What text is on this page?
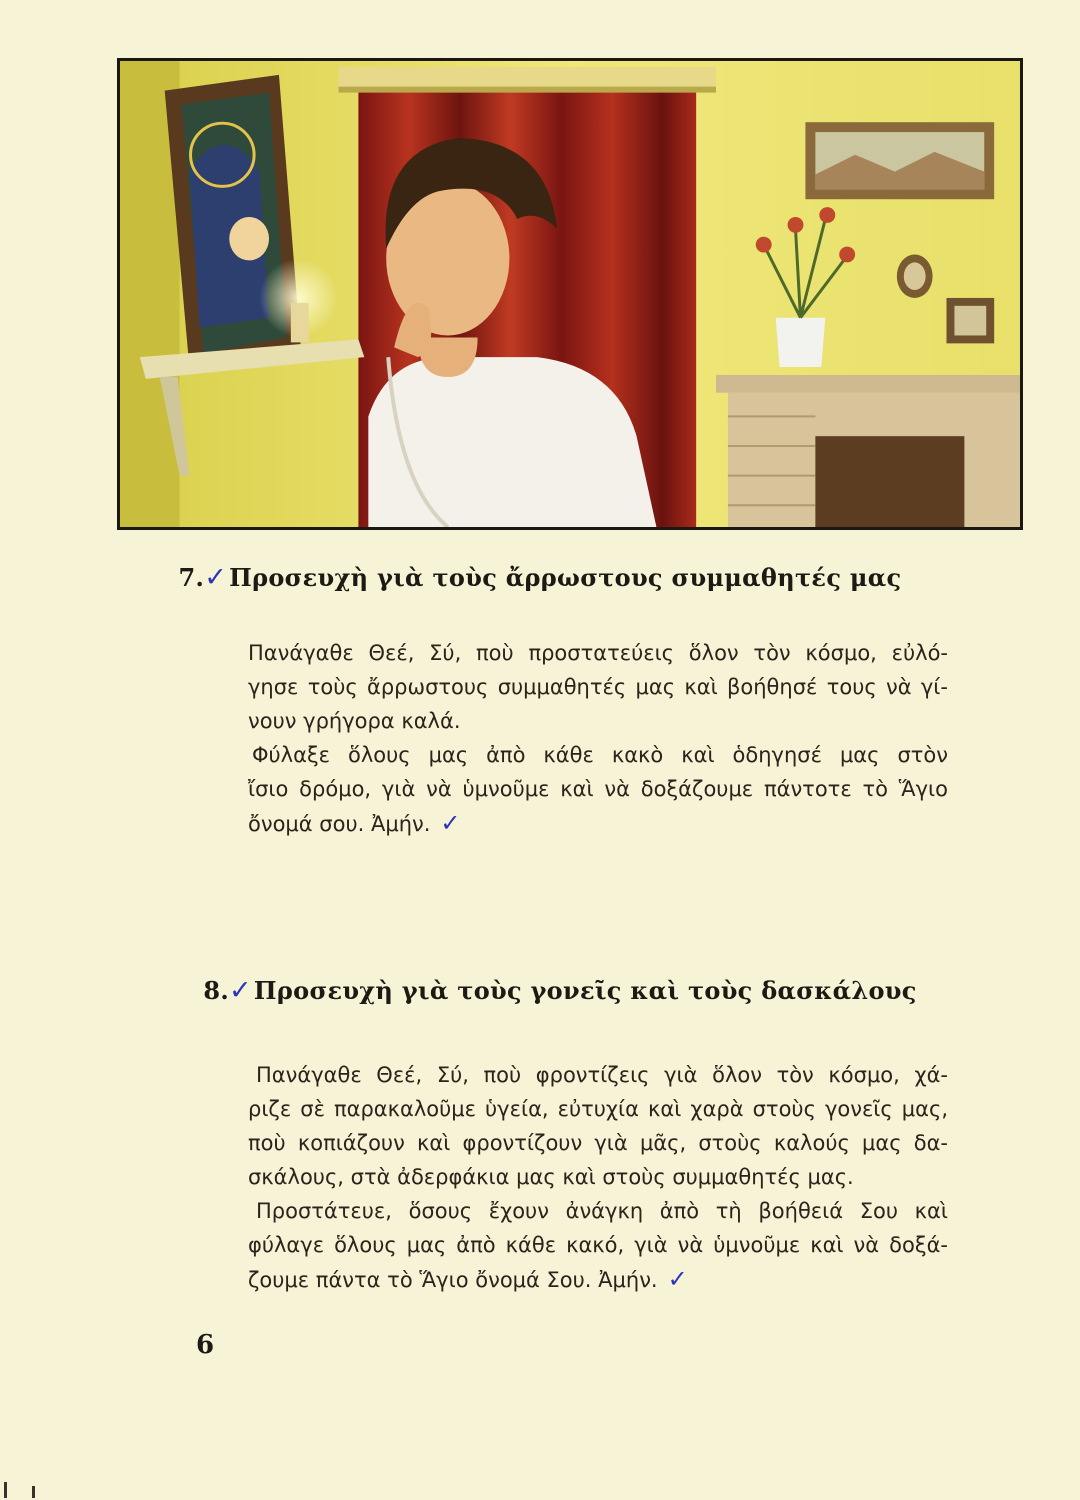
7.✓Προσευχὴ γιὰ τοὺς ἄρρωστους συμμαθητές μας
Πανάγαθε Θεέ, Σύ, ποὺ προστατεύεις ὅλον τὸν κόσμο, εὐλό-
γησε τοὺς ἄρρωστους συμμαθητές μας καὶ βοήθησέ τους νὰ γί-
νουν γρήγορα καλά.
Φύλαξε ὅλους μας ἀπὸ κάθε κακὸ καὶ ὁδηγησέ μας στὸν
ἴσιο δρόμο, γιὰ νὰ ὑμνοῦμε καὶ νὰ δοξάζουμε πάντοτε τὸ Ἅγιο
ὄνομά σου. Ἀμήν. ✓
8.✓Προσευχὴ γιὰ τοὺς γονεῖς καὶ τοὺς δασκάλους
Πανάγαθε Θεέ, Σύ, ποὺ φροντίζεις γιὰ ὅλον τὸν κόσμο, χά-
ριζε σὲ παρακαλοῦμε ὑγεία, εὐτυχία καὶ χαρὰ στοὺς γονεῖς μας,
ποὺ κοπιάζουν καὶ φροντίζουν γιὰ μᾶς, στοὺς καλούς μας δα-
σκάλους, στὰ ἀδερφάκια μας καὶ στοὺς συμμαθητές μας.
Προστάτευε, ὅσους ἔχουν ἀνάγκη ἀπὸ τὴ βοήθειά Σου καὶ
φύλαγε ὅλους μας ἀπὸ κάθε κακό, γιὰ νὰ ὑμνοῦμε καὶ νὰ δοξά-
ζουμε πάντα τὸ Ἅγιο ὄνομά Σου. Ἀμήν. ✓
6
